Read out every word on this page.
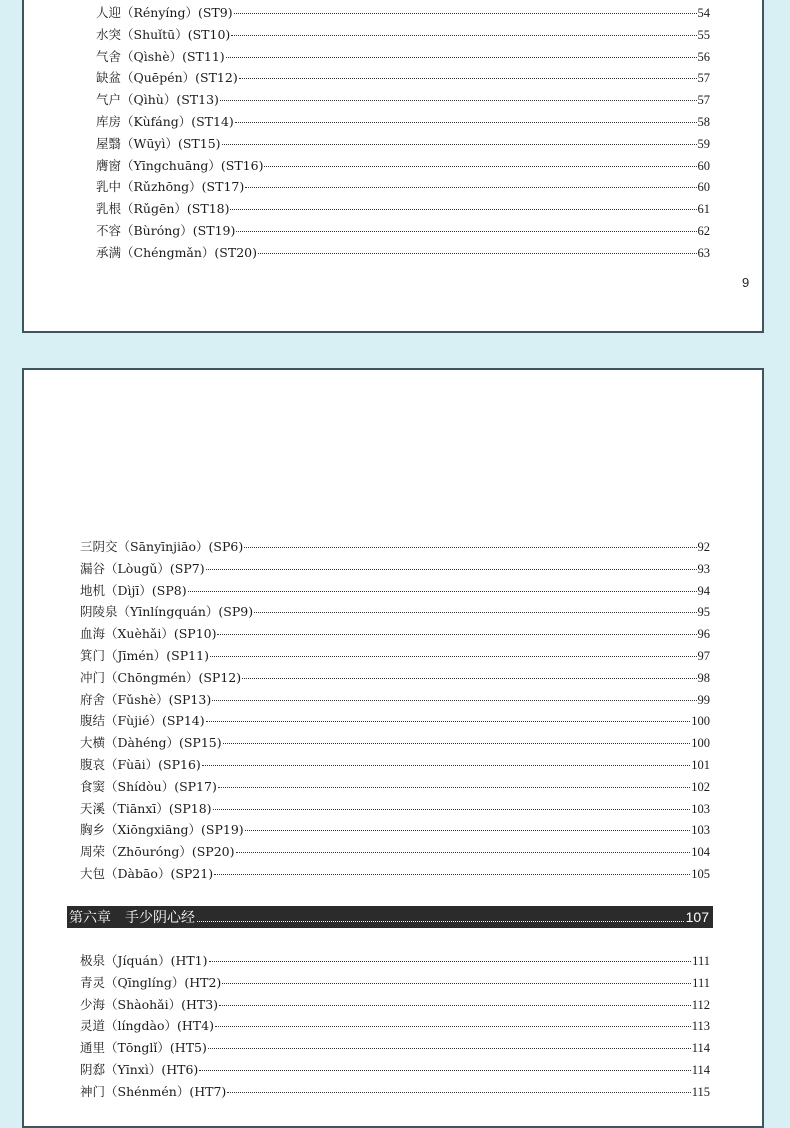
人迎（Rényíng）(ST9)	54
水突（Shuǐtū）(ST10)	55
气舍（Qìshè）(ST11)	56
缺盆（Quēpén）(ST12)	57
气户（Qìhù）(ST13)	57
库房（Kùfáng）(ST14)	58
屋翳（Wūyì）(ST15)	59
膺窗（Yīngchuāng）(ST16)	60
乳中（Rǔzhōng）(ST17)	60
乳根（Rǔgēn）(ST18)	61
不容（Bùróng）(ST19)	62
承满（Chéngmǎn）(ST20)	63
9
三阴交（Sānyīnjiāo）(SP6)	92
漏谷（Lòugǔ）(SP7)	93
地机（Dìjī）(SP8)	94
阴陵泉（Yīnlíngquán）(SP9)	95
血海（Xuèhǎi）(SP10)	96
箕门（Jīmén）(SP11)	97
冲门（Chōngmén）(SP12)	98
府舍（Fǔshè）(SP13)	99
腹结（Fùjié）(SP14)	100
大横（Dàhéng）(SP15)	100
腹哀（Fùāi）(SP16)	101
食窦（Shídòu）(SP17)	102
天溪（Tiānxī）(SP18)	103
胸乡（Xiōngxiāng）(SP19)	103
周荣（Zhōuróng）(SP20)	104
大包（Dàbāo）(SP21)	105
第六章　手少阴心经	107
极泉（Jíquán）(HT1)	111
青灵（Qīnglíng）(HT2)	111
少海（Shàohǎi）(HT3)	112
灵道（língdào）(HT4)	113
通里（Tōnglǐ）(HT5)	114
阴郄（Yīnxì）(HT6)	114
神门（Shénmén）(HT7)	115
